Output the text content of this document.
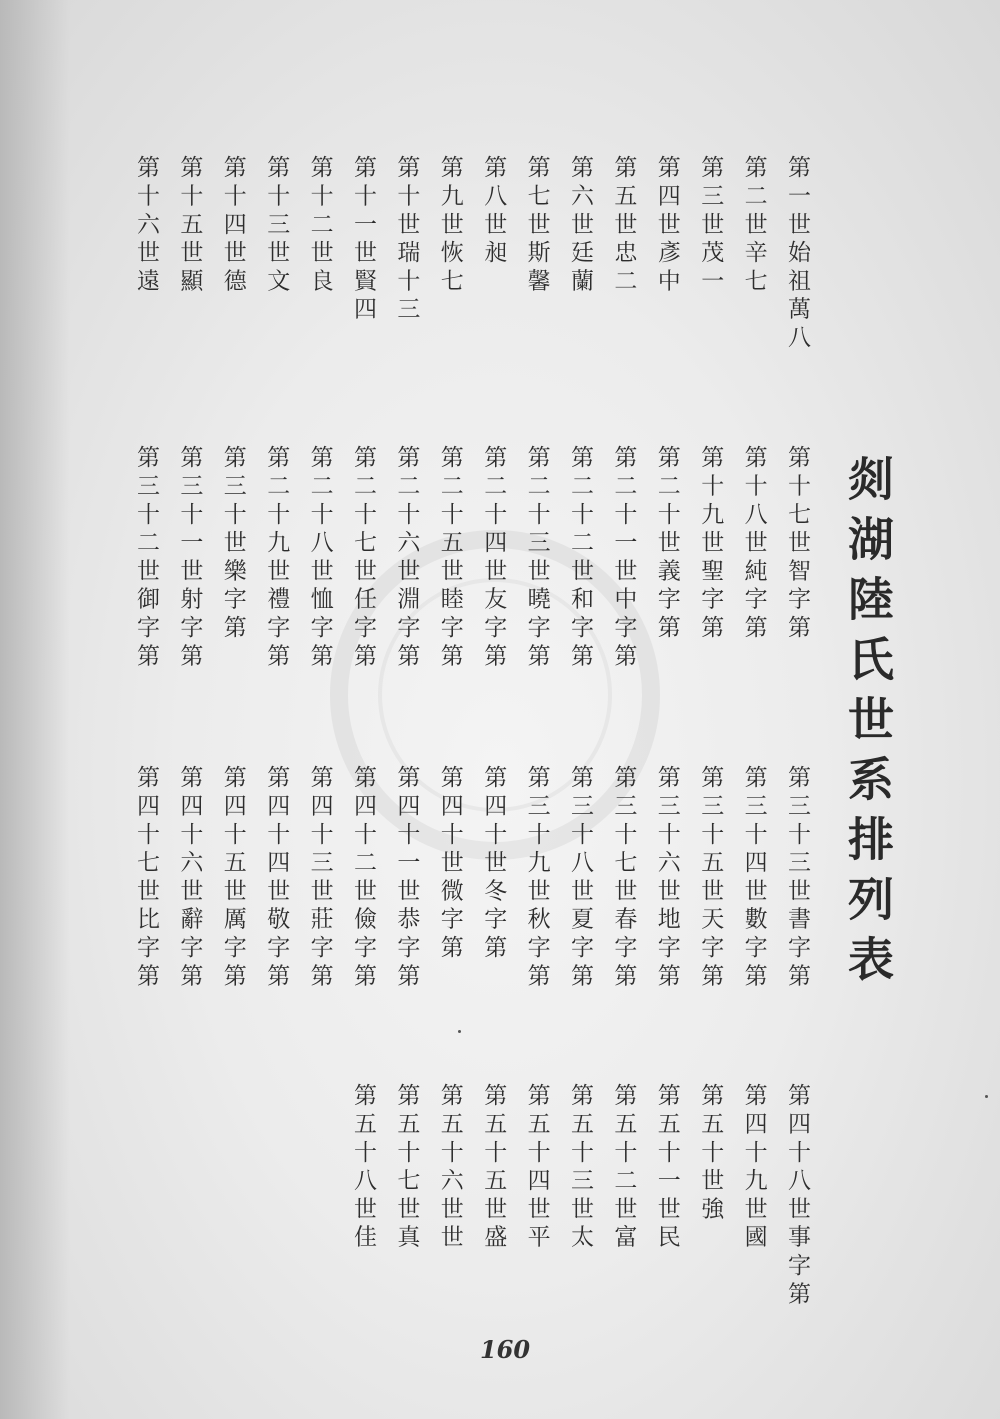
剡湖陸氏世系排列表
第一世始祖萬八
第二世辛七
第三世茂一
第四世彥中
第五世忠二
第六世廷蘭
第七世斯馨
第八世昶
第九世恢七
第十世瑞十三
第十一世賢四
第十二世良
第十三世文
第十四世德
第十五世顯
第十六世遠
第十七世智字第
第十八世純字第
第十九世聖字第
第二十世義字第
第二十一世中字第
第二十二世和字第
第二十三世曉字第
第二十四世友字第
第二十五世睦字第
第二十六世淵字第
第二十七世任字第
第二十八世恤字第
第二十九世禮字第
第三十世樂字第
第三十一世射字第
第三十二世御字第
第三十三世書字第
第三十四世數字第
第三十五世天字第
第三十六世地字第
第三十七世春字第
第三十八世夏字第
第三十九世秋字第
第四十世冬字第
第四十世微字第
第四十一世恭字第
第四十二世儉字第
第四十三世莊字第
第四十四世敬字第
第四十五世厲字第
第四十六世辭字第
第四十七世比字第
第四十八世事字第
第四十九世國
第五十世強
第五十一世民
第五十二世富
第五十三世太
第五十四世平
第五十五世盛
第五十六世世
第五十七世真
第五十八世佳
160
